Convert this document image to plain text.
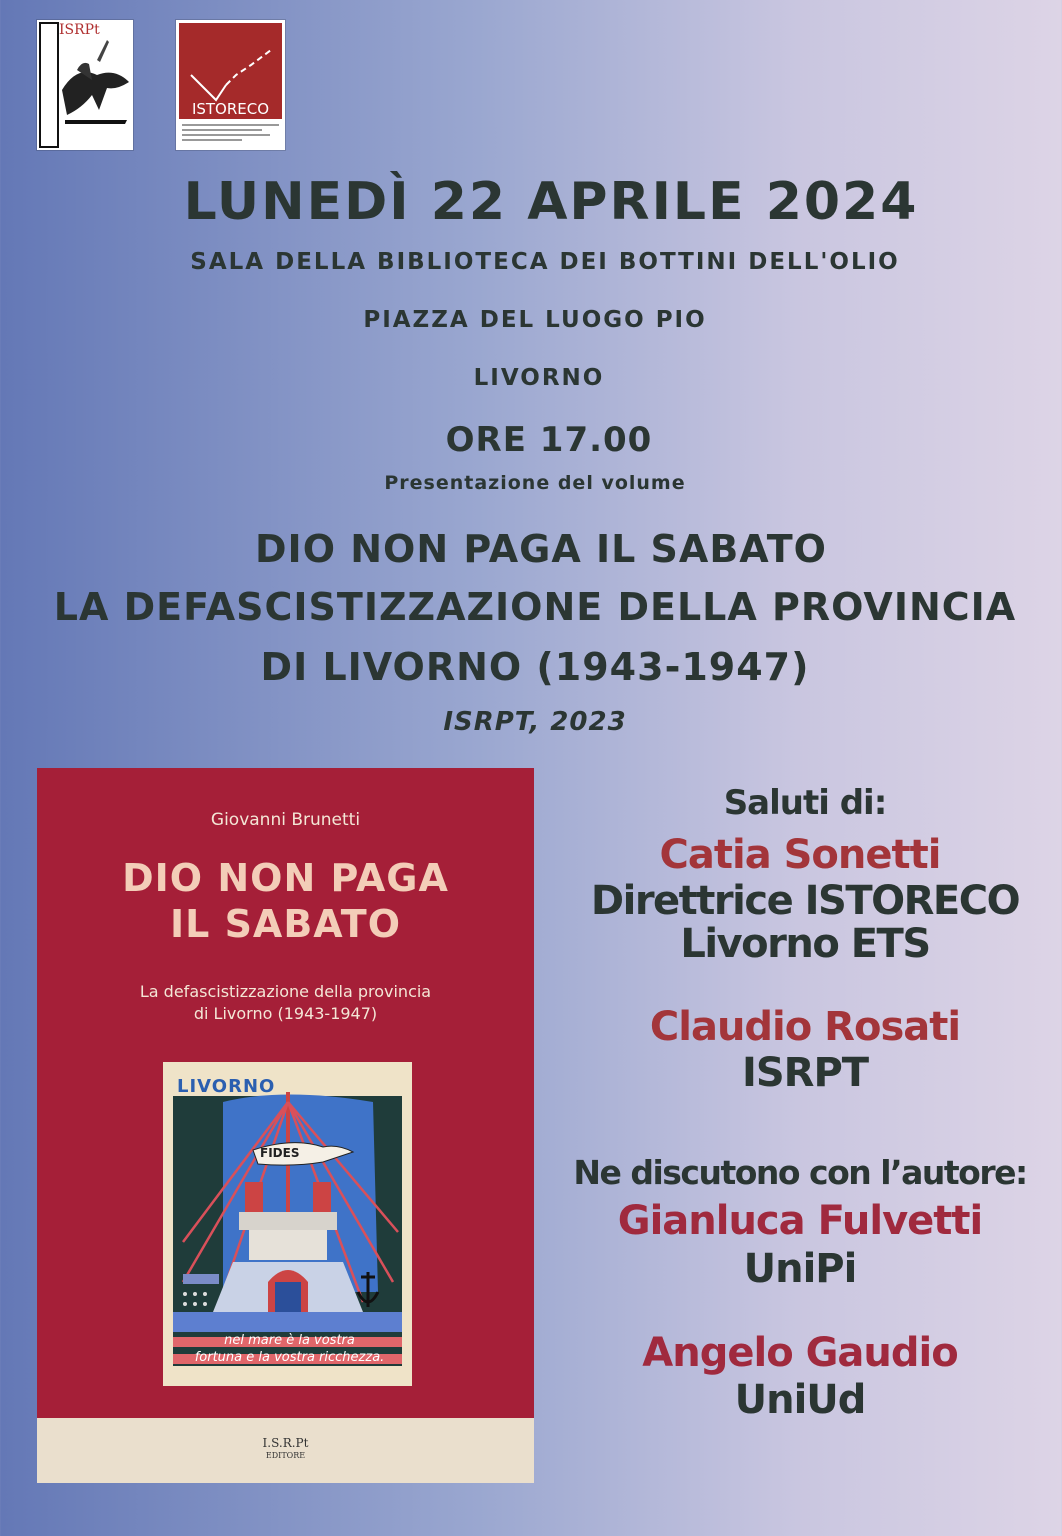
ISRPt
ISTORECO
LUNEDÌ 22 APRILE 2024
SALA DELLA BIBLIOTECA DEI BOTTINI DELL'OLIO
PIAZZA DEL LUOGO PIO
LIVORNO
ORE 17.00
Presentazione del volume
DIO NON PAGA IL SABATO
LA DEFASCISTIZZAZIONE DELLA PROVINCIA
DI LIVORNO (1943-1947)
ISRPT, 2023
Giovanni Brunetti
DIO NON PAGA
IL SABATO
La defascistizzazione della provincia
di Livorno (1943-1947)
LIVORNO
FIDES
nel mare è la vostra
fortuna e la vostra ricchezza.
I.S.R.Pt
EDITORE
Saluti di:
Catia Sonetti
Direttrice ISTORECO
Livorno ETS
Claudio Rosati
ISRPT
Ne discutono con l’autore:
Gianluca Fulvetti
UniPi
Angelo Gaudio
UniUd
